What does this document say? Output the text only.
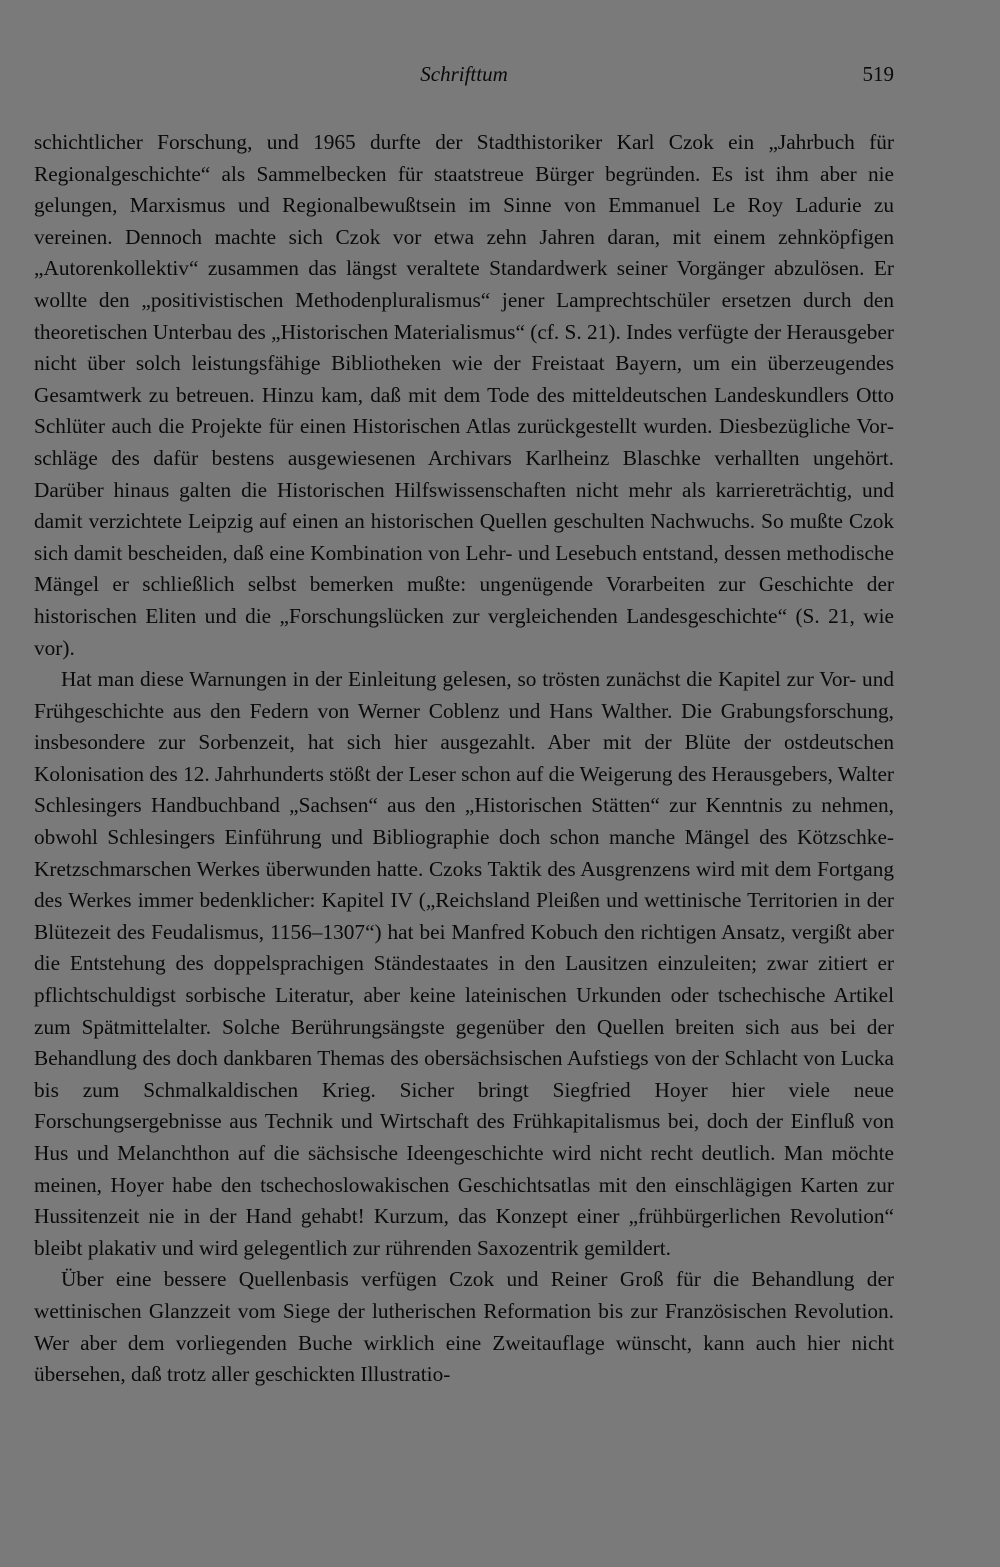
Schrifttum	519

schichtlicher Forschung, und 1965 durfte der Stadthistoriker Karl Czok ein „Jahrbuch für Regionalgeschichte“ als Sammelbecken für staatstreue Bürger begründen. Es ist ihm aber nie gelungen, Marxismus und Regionalbewußtsein im Sinne von Emmanuel Le Roy Ladurie zu vereinen. Dennoch machte sich Czok vor etwa zehn Jahren daran, mit einem zehnköpfigen „Autorenkollektiv“ zusammen das längst veraltete Standardwerk seiner Vorgänger abzulösen. Er wollte den „positivistischen Methodenpluralismus“ jener Lamprechtschüler ersetzen durch den theoretischen Unterbau des „Historischen Materialismus“ (cf. S. 21). Indes verfügte der Herausgeber nicht über solch leistungsfähige Bibliotheken wie der Freistaat Bayern, um ein überzeugendes Gesamtwerk zu betreuen. Hinzu kam, daß mit dem Tode des mitteldeutschen Landeskundlers Otto Schlüter auch die Projekte für einen Historischen Atlas zurückgestellt wurden. Diesbezügliche Vorschläge des dafür bestens ausgewiesenen Archivars Karlheinz Blaschke verhallten ungehört. Darüber hinaus galten die Historischen Hilfswissenschaften nicht mehr als karriereträchtig, und damit verzichtete Leipzig auf einen an historischen Quellen geschulten Nachwuchs. So mußte Czok sich damit bescheiden, daß eine Kombination von Lehr- und Lesebuch entstand, dessen methodische Mängel er schließlich selbst bemerken mußte: ungenügende Vorarbeiten zur Geschichte der historischen Eliten und die „Forschungslücken zur vergleichenden Landesgeschichte“ (S. 21, wie vor).

Hat man diese Warnungen in der Einleitung gelesen, so trösten zunächst die Kapitel zur Vor- und Frühgeschichte aus den Federn von Werner Coblenz und Hans Walther. Die Grabungsforschung, insbesondere zur Sorbenzeit, hat sich hier ausgezahlt. Aber mit der Blüte der ostdeutschen Kolonisation des 12. Jahrhunderts stößt der Leser schon auf die Weigerung des Herausgebers, Walter Schlesingers Handbuchband „Sachsen“ aus den „Historischen Stätten“ zur Kenntnis zu nehmen, obwohl Schlesingers Einführung und Bibliographie doch schon manche Mängel des Kötzschke-Kretzschmarschen Werkes überwunden hatte. Czoks Taktik des Ausgrenzens wird mit dem Fortgang des Werkes immer bedenklicher: Kapitel IV („Reichsland Pleißen und wettinische Territorien in der Blütezeit des Feudalismus, 1156–1307“) hat bei Manfred Kobuch den richtigen Ansatz, vergißt aber die Entstehung des doppelsprachigen Ständestaates in den Lausitzen einzuleiten; zwar zitiert er pflichtschuldigst sorbische Literatur, aber keine lateinischen Urkunden oder tschechische Artikel zum Spätmittelalter. Solche Berührungsängste gegenüber den Quellen breiten sich aus bei der Behandlung des doch dankbaren Themas des obersächsischen Aufstiegs von der Schlacht von Lucka bis zum Schmalkaldischen Krieg. Sicher bringt Siegfried Hoyer hier viele neue Forschungsergebnisse aus Technik und Wirtschaft des Frühkapitalismus bei, doch der Einfluß von Hus und Melanchthon auf die sächsische Ideengeschichte wird nicht recht deutlich. Man möchte meinen, Hoyer habe den tschechoslowakischen Geschichtsatlas mit den einschlägigen Karten zur Hussitenzeit nie in der Hand gehabt! Kurzum, das Konzept einer „frühbürgerlichen Revolution“ bleibt plakativ und wird gelegentlich zur rührenden Saxozentrik gemildert.

Über eine bessere Quellenbasis verfügen Czok und Reiner Groß für die Behandlung der wettinischen Glanzzeit vom Siege der lutherischen Reformation bis zur Französischen Revolution. Wer aber dem vorliegenden Buche wirklich eine Zweitauflage wünscht, kann auch hier nicht übersehen, daß trotz aller geschickten Illustratio-
